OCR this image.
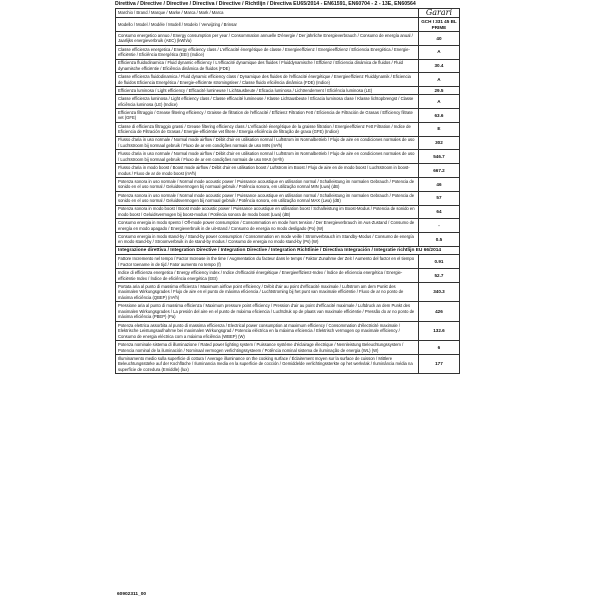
Direttiva / Directive / Directive / Directiva / Directive / Richtlijn / Directiva EU65/2014 - EN61591, EN60704 - 2 - 13E, EN60564
Marchio / Brand / Marque / Marke / Marca / Mark / Marca	Garari
Modello / Model / Modèle / Modell / Modelo / Verwijzing / Brinsar	GCH I 331 45 BL PRIME
Consumo energetico annuo / Energy consumption per year / Consommation annuelle D'énergie / Der jährliche Energieverbrauch / Consumo de energía anual / Jaarlijks energieverbruik (AEC) (kWh/a)	40
Classe efficienza energetica / Energy efficiency class / L'efficacité énergétique de classe / Energieeffizienz / Energieeffizienz / Eficiencia Energética / Energie-efficiëntie / Eficiência Energética (EEI) (Indice)	A
Efficienza fluidodinamica / Fluid dynamic efficiency / L'efficacité dynamique des fluides / Fluiddynamische / Effizienz / Eficiencia dinámica de fluidos / Fluid dynamische efficiëntie / Eficiência dinâmica de fluidos (FDE)	30.4
Classe efficienza fluidodinamica / Fluid dynamic efficiency class / Dynamique des fluides de l'efficacité énergétique / Energieeffizienz Fluiddynamik / Eficiencia de fluidos Eficiencia Energética / Energie-efficiënte stromingsleer / Classe fluido eficiência dinâmica (FDE) (Indice)	A
Efficienza luminosa / Light efficiency / Efficacité lumineuse / Lichtausbeute / Eficacia luminosa / Lichtrendement / Eficiência luminosa (LE)	29.5
Classe efficienza luminosa / Light efficiency class / Classe efficacité lumineuse / Klasse Lichtausbeute / Eficacia luminosa clase / Klasse lichtopbrengst / Classe eficiência luminosa (LE) (Indice)	A
Efficienza filtraggio / Grease filtering efficiency / Graisse de filtration de l'efficacité / Effizienz Filtration Fett / Eficiencia de Filtración de Grasas / Efficiency filtrate vet (GFE)	63.6
Classe di efficienza filtraggio grassi / Grease filtering efficiency class / L'efficacité énergétique de la graisse filtration / Energieeffizienz Fett Filtration / Indice de Eficiencia de Filtración de Grasas / Energie-efficiëntie vet filtere / Energia eficiência de filtração de graxa (GFE) (Indice)	E
Flusso d'aria in uso normale / Normal mode airflow / Débit d'air en utilisation normal / Luftstrom im Normalbetrieb / Flujo de aire en condiciones normales de uso / Luchtstroom bij normaal gebruik / Fluxo de ar em condições normais de uso MIN (m³/h)	302
Flusso d'aria in uso normale / Normal mode airflow / Débit d'air en utilisation normal / Luftstrom im Normalbetrieb / Flujo de aire en condiciones normales de uso / Luchtstroom bij normaal gebruik / Fluxo de ar em condições normais de uso MAX (m³/h)	546.7
Flusso d'aria in modo boost / Boost mode airflow / Débit d'air en utilisation boost / Luftstrom im Boost / Flujo de aire en de modo boost / Luchtstroom in boost-modus / Fluxo de ar de modo boost (m³/h)	667.2
Potenza sonora in uso normale / Normal mode acoustic power / Puissance acoustique en utilisation normal / Schalleistung im normalen Gebrauch / Potencia de sonido en el uso normal / Geluidsvermogen bij normaal gebruik / Potência sonora, em utilização normal MIN (Lwa) (dB)	46
Potenza sonora in uso normale / Normal mode acoustic power / Puissance acoustique en utilisation normal / Schalleistung im normalen Gebrauch / Potencia de sonido en el uso normal / Geluidsvermogen bij normaal gebruik / Potência sonora, em utilização normal MAX (Lwa) (dB)	57
Potenza sonora in modo boost / Boost mode acoustic power / Puissance acoustique en utilisation boost / Schalleistung im Boost-Modus / Potencia de sonido en modo boost / Geluidsvermogen bij boost-modus / Potência sonora de modo boost (Lwa) (dB)	64
Consumo energia in modo spento / Off-mode power consumption / Consommation en mode hors tension / Der Energieverbrauch im Aus-Zustand / Consumo de energía en modo apagado / Energieverbruik in de uit-stand / Consumo de energia no modo desligado (Po) (W)	-
Consumo energia in modo stand-by / Stand-by power consumption / Consommation en mode veille / Stromverbrauch im Standby-Modus / Consumo de energía en modo stand-by / Stroomverbruik in de stand-by modus / Consumo de energia no modo stand-by (Ps) (W)	0.5
Integrazione direttiva / Integration Directive / Integration Directive / Integration Richtlinie / Directiva Integración / Integratie richtlijn EU 66/2014	
Fattore Incremento nel tempo / Factor Increase in the time / Augmentation du facteur dans le temps / Faktor Zunahme der Zeit / Aumento del factor en el tiempo / Factor toename in de tijd / Fator aumento no tempo (f)	0.91
Indice di efficienza energetica / Energy efficiency index / Indice d'efficacité énergétique / Energieeffizienz-Index / Índice de eficiencia energética / Energie-efficiëntie Index / Índice de eficiência energética (EEI)	52.7
Portata aria al punto di massima efficienza / Maximum airflow point efficiency / Débit d'air au point d'efficacité maximale / Luftstrom am dem Punkt des maximalen Wirkungsgrades / Flujo de aire en el punto de máxima eficiencia / Luchtstroming bij het punt van maximale efficiëntie / Fluxo de ar no ponto de máxima eficiência (QBEP) (m³/h)	340.3
Pressione aria al punto di massima efficienza / Maximum pressure point efficiency / Pression d'air au point d'efficacité maximale / Luftdruck an dem Punkt des maximalen Wirkungsgrades / La presión del aire en el punto de máxima eficiencia / Luchtdruk op de plaats van maximale efficiëntie / Pressão do ar no ponto de máxima eficiência (PBEP) (Pa)	426
Potenza elettrica assorbita al punto di massima efficienza / Electrical power consumption at maximum efficiency / Consommation d'électricité maximale / Elektrische Leistungsaufnahme bei maximalen Wirkungsgrad / Potencia eléctrica en la máxima eficiencia / Elektrisch vermogen op maximale efficiency / Consumo de energia eléctrica com a máxima eficiência (WBEP) (W)	132.6
Potenza nominale sistema di illuminazione / Rated power lighting system / Puissance système d'éclairage électrique / Nennleistung Beleuchtungssystem / Potencia nominal de la iluminación / Nominaal vermogen verlichtingssysteem / Potência nominal sistema de iluminação de energia (WL) (W)	6
Illuminamento medio sulla superficie di cottura / Average illuminance on the cooking surface / Éclairement moyen sur la surface de cuisson / Mittlere Beleuchtungsstärke auf der Kochfläche / Iluminancia media en la superficie de cocción / Gemiddelde verlichtingssterkte op het werkvlak / Iluminância média na superfície de cozedura (Emiddle) (lux)	177
60902311_00
